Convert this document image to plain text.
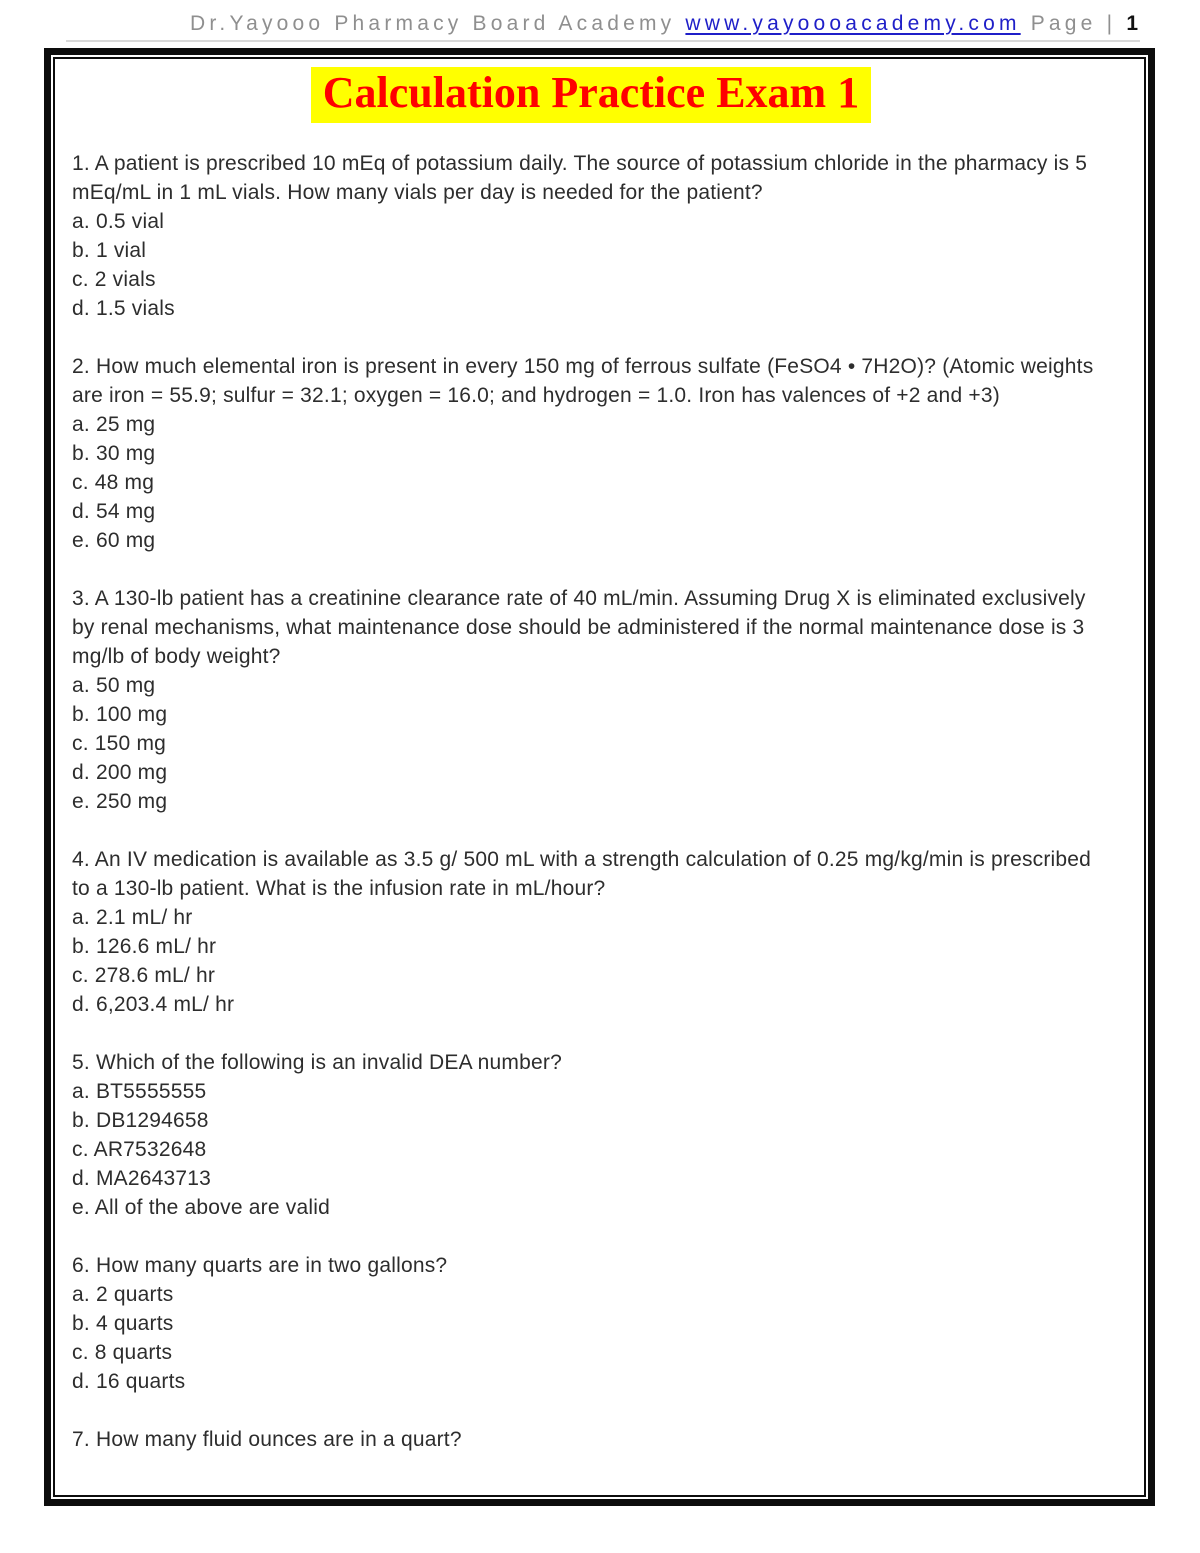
Dr.Yayooo Pharmacy Board Academy www.yayoooacademy.com Page | 1
Calculation Practice Exam 1

1. A patient is prescribed 10 mEq of potassium daily. The source of potassium chloride in the pharmacy is 5 mEq/mL in 1 mL vials. How many vials per day is needed for the patient?

a. 0.5 vial
b. 1 vial
c. 2 vials
d. 1.5 vials

2. How much elemental iron is present in every 150 mg of ferrous sulfate (FeSO4 • 7H2O)? (Atomic weights are iron = 55.9; sulfur = 32.1; oxygen = 16.0; and hydrogen = 1.0. Iron has valences of +2 and +3)

a. 25 mg
b. 30 mg
c. 48 mg
d. 54 mg
e. 60 mg

3. A 130-lb patient has a creatinine clearance rate of 40 mL/min. Assuming Drug X is eliminated exclusively by renal mechanisms, what maintenance dose should be administered if the normal maintenance dose is 3 mg/lb of body weight?

a. 50 mg
b. 100 mg
c. 150 mg
d. 200 mg
e. 250 mg

4. An IV medication is available as 3.5 g/ 500 mL with a strength calculation of 0.25 mg/kg/min is prescribed to a 130-lb patient. What is the infusion rate in mL/hour?

a. 2.1 mL/ hr
b. 126.6 mL/ hr
c. 278.6 mL/ hr
d. 6,203.4 mL/ hr

5. Which of the following is an invalid DEA number?

a. BT5555555
b. DB1294658
c. AR7532648
d. MA2643713
e. All of the above are valid

6. How many quarts are in two gallons?

a. 2 quarts
b. 4 quarts
c. 8 quarts
d. 16 quarts

7. How many fluid ounces are in a quart?
